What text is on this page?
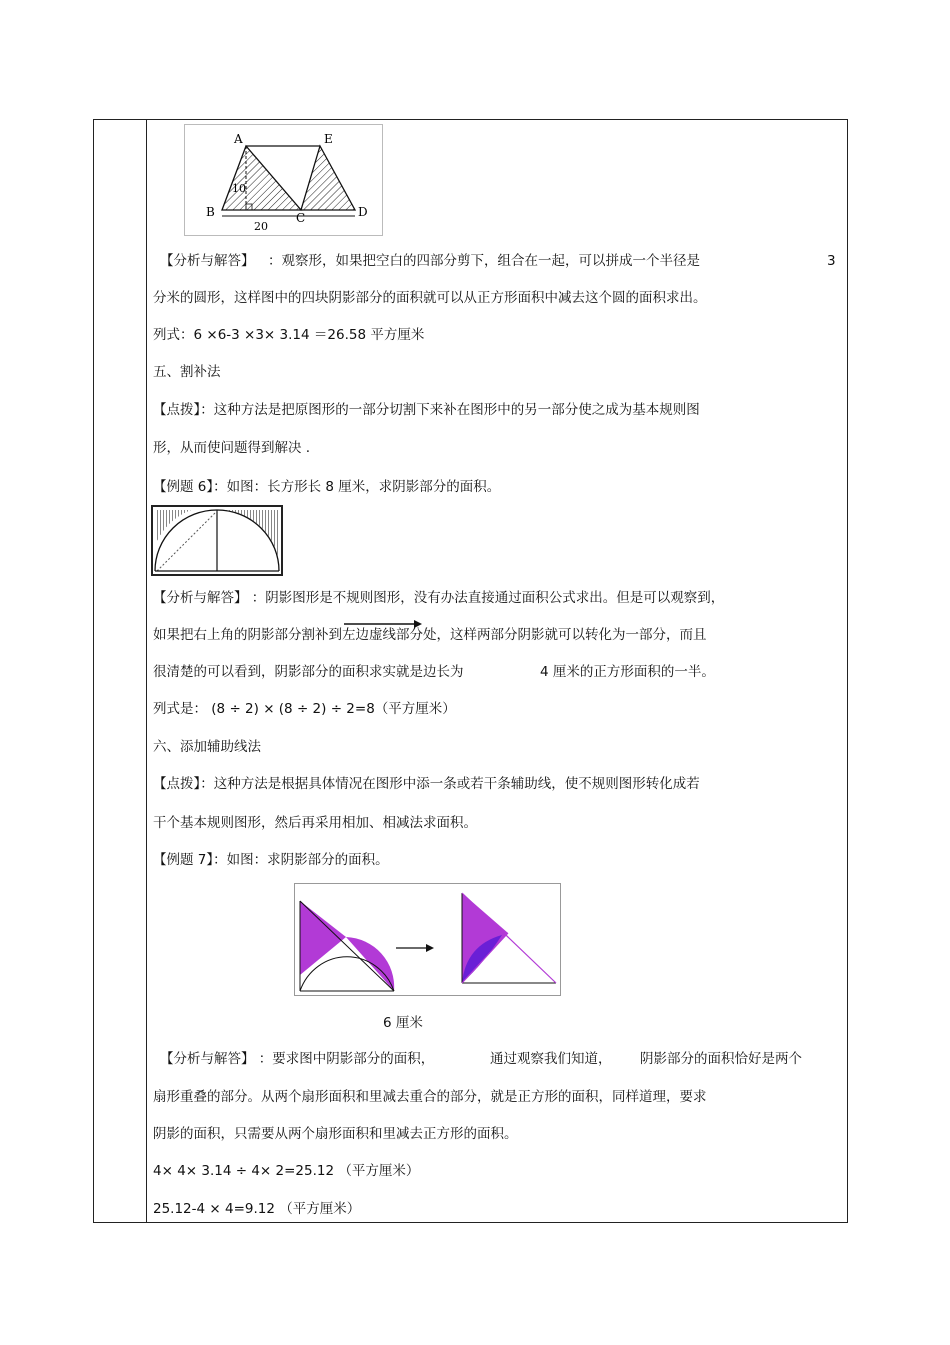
A	E
B	C	D
10
20
【分析与解答】 ：观察形，如果把空白的四部分剪下，组合在一起，可以拼成一个半径是	3
分米的圆形，这样图中的四块阴影部分的面积就可以从正方形面积中减去这个圆的面积求出。
列式：6 ×6-3 ×3× 3.14 ＝26.58 平方厘米
五、割补法
【点拨】：这种方法是把原图形的一部分切割下来补在图形中的另一部分使之成为基本规则图
形，从而使问题得到解决 .
【例题 6】：如图：长方形长 8 厘米，求阴影部分的面积。
【分析与解答】 ：阴影图形是不规则图形，没有办法直接通过面积公式求出。但是可以观察到，
如果把右上角的阴影部分割补到左边虚线部分处，这样两部分阴影就可以转化为一部分，而且
很清楚的可以看到，阴影部分的面积求实就是边长为	4 厘米的正方形面积的一半。
列式是： (8 ÷ 2) × (8 ÷ 2) ÷ 2=8（平方厘米）
六、添加辅助线法
【点拨】：这种方法是根据具体情况在图形中添一条或若干条辅助线，使不规则图形转化成若
干个基本规则图形，然后再采用相加、相减法求面积。
【例题 7】：如图：求阴影部分的面积。
6 厘米
【分析与解答】 ：要求图中阴影部分的面积，	通过观察我们知道， 阴影部分的面积恰好是两个
扇形重叠的部分。从两个扇形面积和里减去重合的部分，就是正方形的面积，同样道理，要求
阴影的面积，只需要从两个扇形面积和里减去正方形的面积。
4× 4× 3.14 ÷ 4× 2=25.12 （平方厘米）
25.12-4 × 4=9.12 （平方厘米）
